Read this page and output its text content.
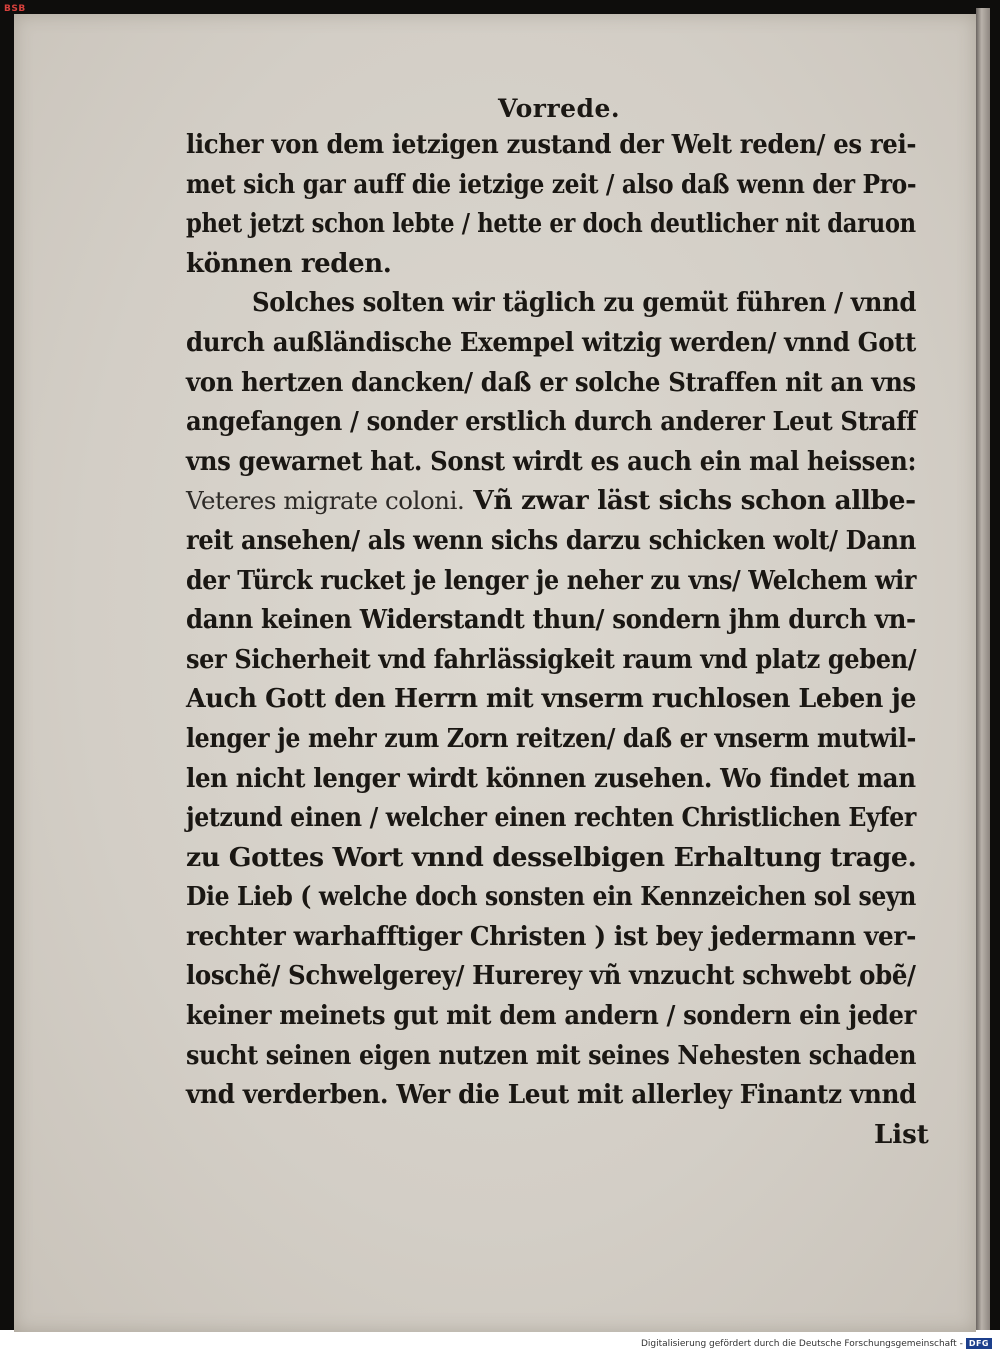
BSB
Vorrede.
licher von dem ietzigen zustand der Welt reden/ es rei-
met sich gar auff die ietzige zeit / also daß wenn der Pro-
phet jetzt schon lebte / hette er doch deutlicher nit daruon
können reden.
Solches solten wir täglich zu gemüt führen / vnnd
durch außländische Exempel witzig werden/ vnnd Gott
von hertzen dancken/ daß er solche Straffen nit an vns
angefangen / sonder erstlich durch anderer Leut Straff
vns gewarnet hat. Sonst wirdt es auch ein mal heissen:
Veteres migrate coloni. Vñ zwar läst sichs schon allbe-
reit ansehen/ als wenn sichs darzu schicken wolt/ Dann
der Türck rucket je lenger je neher zu vns/ Welchem wir
dann keinen Widerstandt thun/ sondern jhm durch vn-
ser Sicherheit vnd fahrlässigkeit raum vnd platz geben/
Auch Gott den Herrn mit vnserm ruchlosen Leben je
lenger je mehr zum Zorn reitzen/ daß er vnserm mutwil-
len nicht lenger wirdt können zusehen. Wo findet man
jetzund einen / welcher einen rechten Christlichen Eyfer
zu Gottes Wort vnnd desselbigen Erhaltung trage.
Die Lieb ( welche doch sonsten ein Kennzeichen sol seyn
rechter warhafftiger Christen ) ist bey jedermann ver-
loschẽ/ Schwelgerey/ Hurerey vñ vnzucht schwebt obẽ/
keiner meinets gut mit dem andern / sondern ein jeder
sucht seinen eigen nutzen mit seines Nehesten schaden
vnd verderben. Wer die Leut mit allerley Finantz vnnd
List
Digitalisierung gefördert durch die Deutsche Forschungsgemeinschaft - DFG
